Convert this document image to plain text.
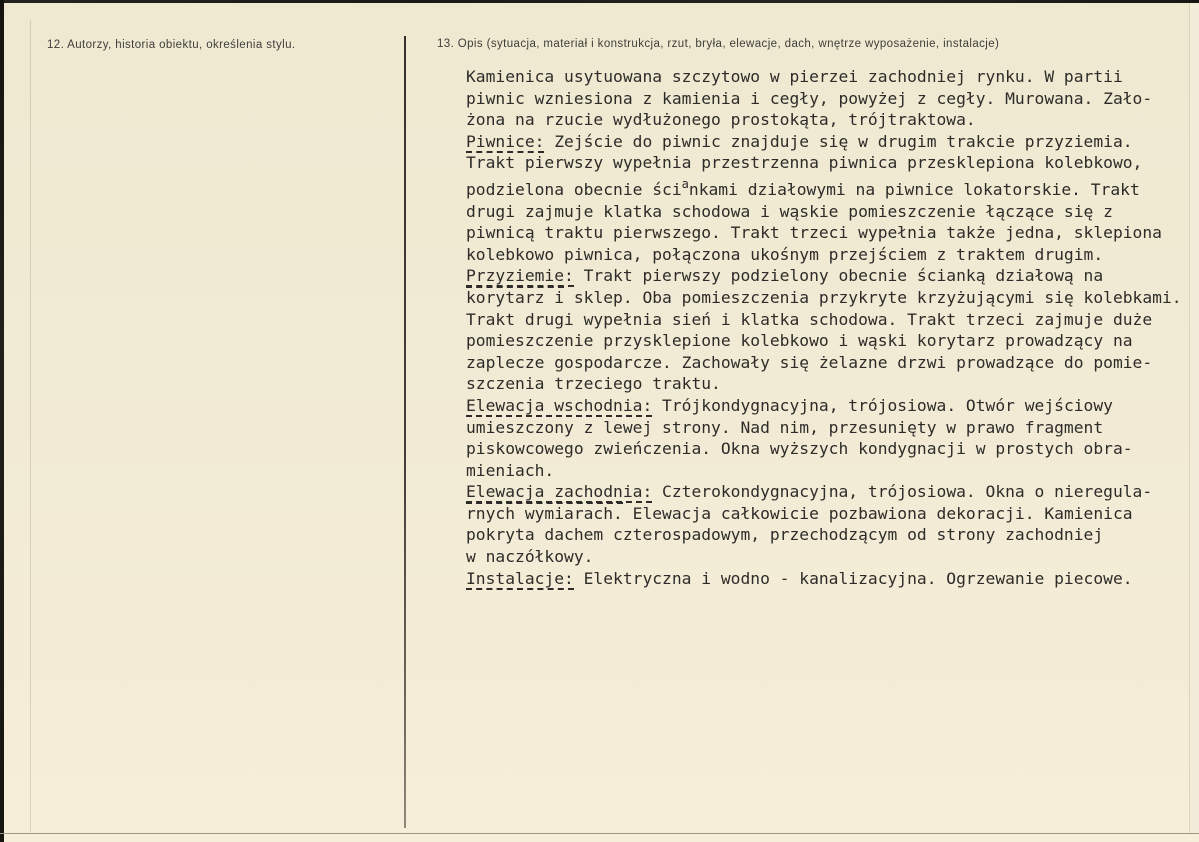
12. Autorzy, historia obiektu, określenia stylu.	13. Opis (sytuacja, materiał i konstrukcja, rzut, bryła, elewacje, dach, wnętrze wyposażenie, instalacje)
Kamienica usytuowana szczytowo w pierzei zachodniej rynku. W partii
piwnic wzniesiona z kamienia i cegły, powyżej z cegły. Murowana. Zało-
żona na rzucie wydłużonego prostokąta, trójtraktowa.
Piwnice: Zejście do piwnic znajduje się w drugim trakcie przyziemia.
Trakt pierwszy wypełnia przestrzenna piwnica przesklepiona kolebkowo,
podzielona obecnie ści$^a$nkami działowymi na piwnice lokatorskie. Trakt
drugi zajmuje klatka schodowa i wąskie pomieszczenie łączące się z
piwnicą traktu pierwszego. Trakt trzeci wypełnia także jedna, sklepiona
kolebkowo piwnica, połączona ukośnym przejściem z traktem drugim.
Przyziemie: Trakt pierwszy podzielony obecnie ścianką działową na
korytarz i sklep. Oba pomieszczenia przykryte krzyżującymi się kolebkami.
Trakt drugi wypełnia sień i klatka schodowa. Trakt trzeci zajmuje duże
pomieszczenie przysklepione kolebkowo i wąski korytarz prowadzący na
zaplecze gospodarcze. Zachowały się żelazne drzwi prowadzące do pomie-
szczenia trzeciego traktu.
Elewacja wschodnia: Trójkondygnacyjna, trójosiowa. Otwór wejściowy
umieszczony z lewej strony. Nad nim, przesunięty w prawo fragment
piskowcowego zwieńczenia. Okna wyższych kondygnacji w prostych obra-
mieniach.
Elewacja zachodnia: Czterokondygnacyjna, trójosiowa. Okna o nieregula-
rnych wymiarach. Elewacja całkowicie pozbawiona dekoracji. Kamienica
pokryta dachem czterospadowym, przechodzącym od strony zachodniej
w naczółkowy.
Instalacje: Elektryczna i wodno - kanalizacyjna. Ogrzewanie piecowe.
